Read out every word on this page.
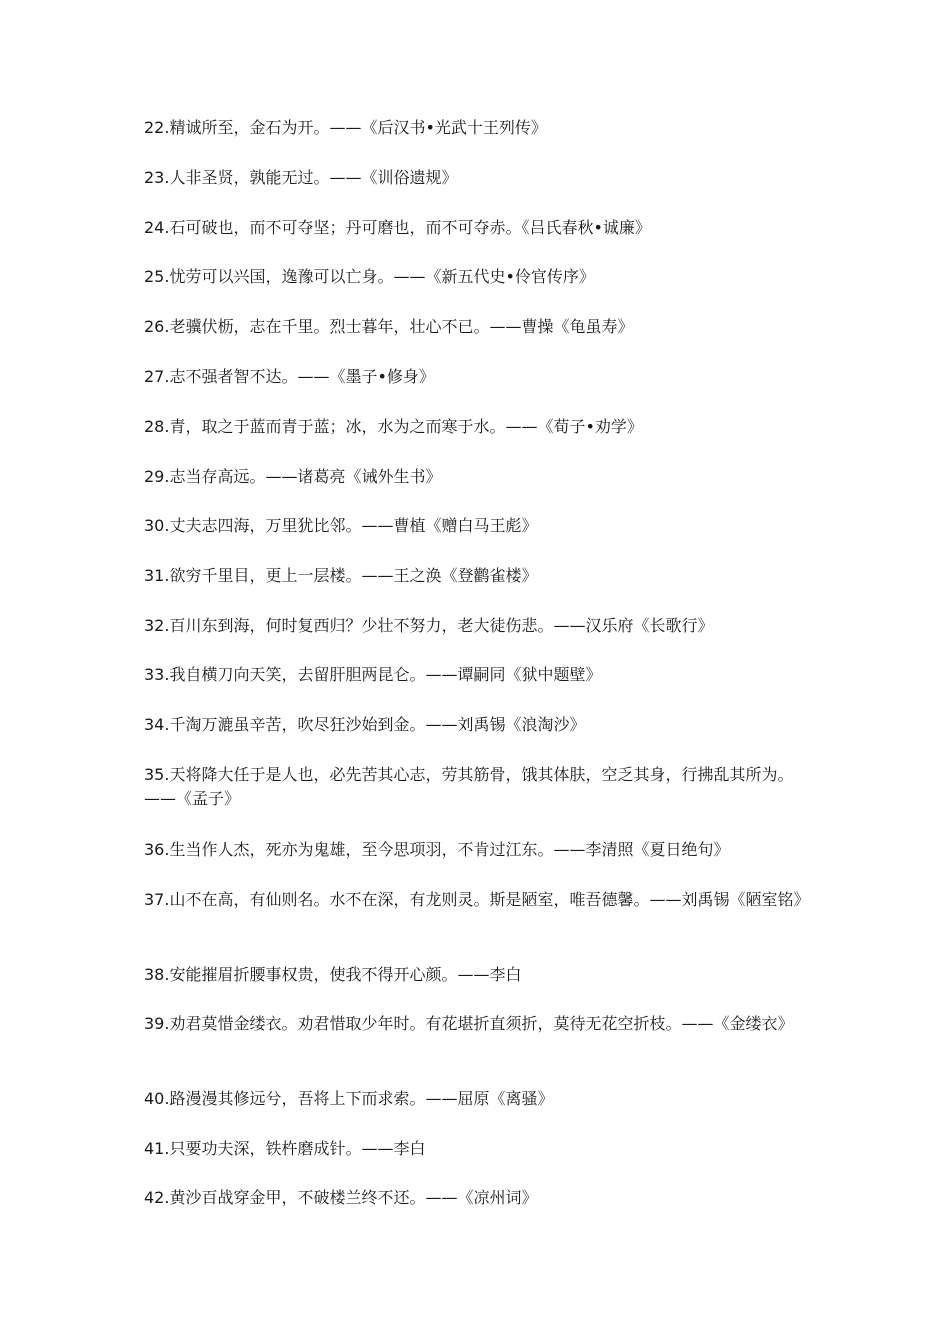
22.精诚所至，金石为开。——《后汉书•光武十王列传》

23.人非圣贤，孰能无过。——《训俗遗规》

24.石可破也，而不可夺坚；丹可磨也，而不可夺赤。《吕氏春秋•诚廉》

25.忧劳可以兴国，逸豫可以亡身。——《新五代史•伶官传序》

26.老骥伏枥，志在千里。烈士暮年，壮心不已。——曹操《龟虽寿》

27.志不强者智不达。——《墨子•修身》

28.青，取之于蓝而青于蓝；冰，水为之而寒于水。——《荀子•劝学》

29.志当存高远。——诸葛亮《诫外生书》

30.丈夫志四海，万里犹比邻。——曹植《赠白马王彪》

31.欲穷千里目，更上一层楼。——王之涣《登鹳雀楼》

32.百川东到海，何时复西归？少壮不努力，老大徒伤悲。——汉乐府《长歌行》

33.我自横刀向天笑，去留肝胆两昆仑。——谭嗣同《狱中题壁》

34.千淘万漉虽辛苦，吹尽狂沙始到金。——刘禹锡《浪淘沙》

35.天将降大任于是人也，必先苦其心志，劳其筋骨，饿其体肤，空乏其身，行拂乱其所为。——《孟子》

36.生当作人杰，死亦为鬼雄，至今思项羽，不肯过江东。——李清照《夏日绝句》

37.山不在高，有仙则名。水不在深，有龙则灵。斯是陋室，唯吾德馨。——刘禹锡《陋室铭》

38.安能摧眉折腰事权贵，使我不得开心颜。——李白

39.劝君莫惜金缕衣。劝君惜取少年时。有花堪折直须折，莫待无花空折枝。——《金缕衣》

40.路漫漫其修远兮，吾将上下而求索。——屈原《离骚》

41.只要功夫深，铁杵磨成针。——李白

42.黄沙百战穿金甲，不破楼兰终不还。——《凉州词》
